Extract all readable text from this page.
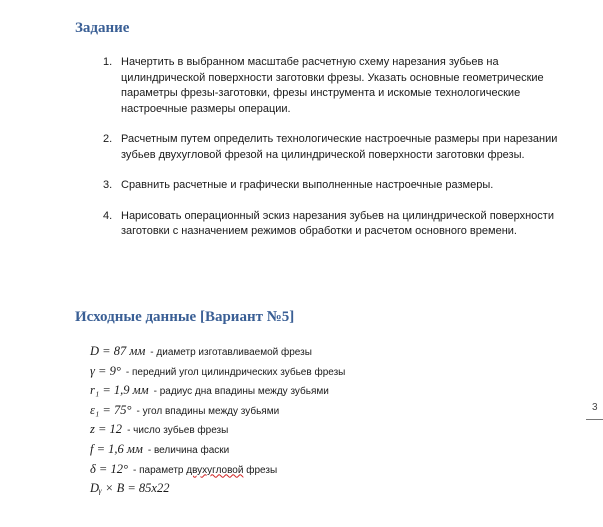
Задание
1. Начертить в выбранном масштабе расчетную схему нарезания зубьев на цилиндрической поверхности заготовки фрезы. Указать основные геометрические параметры фрезы-заготовки, фрезы инструмента и искомые технологические настроечные размеры операции.
2. Расчетным путем определить технологические настроечные размеры при нарезании зубьев двухугловой фрезой на цилиндрической поверхности заготовки фрезы.
3. Сравнить расчетные и графически выполненные настроечные размеры.
4. Нарисовать операционный эскиз нарезания зубьев на цилиндрической поверхности заготовки с назначением режимов обработки и расчетом основного времени.
Исходные данные [Вариант №5]
D = 87 мм - диаметр изготавливаемой фрезы
γ = 9° - передний угол цилиндрических зубьев фрезы
r₁ = 1,9 мм - радиус дна впадины между зубьями
ε₁ = 75° - угол впадины между зубьями
z = 12 - число зубьев фрезы
f = 1,6 мм - величина фаски
δ = 12° - параметр двухугловой фрезы
Dᵧ × B = 85x22
3
